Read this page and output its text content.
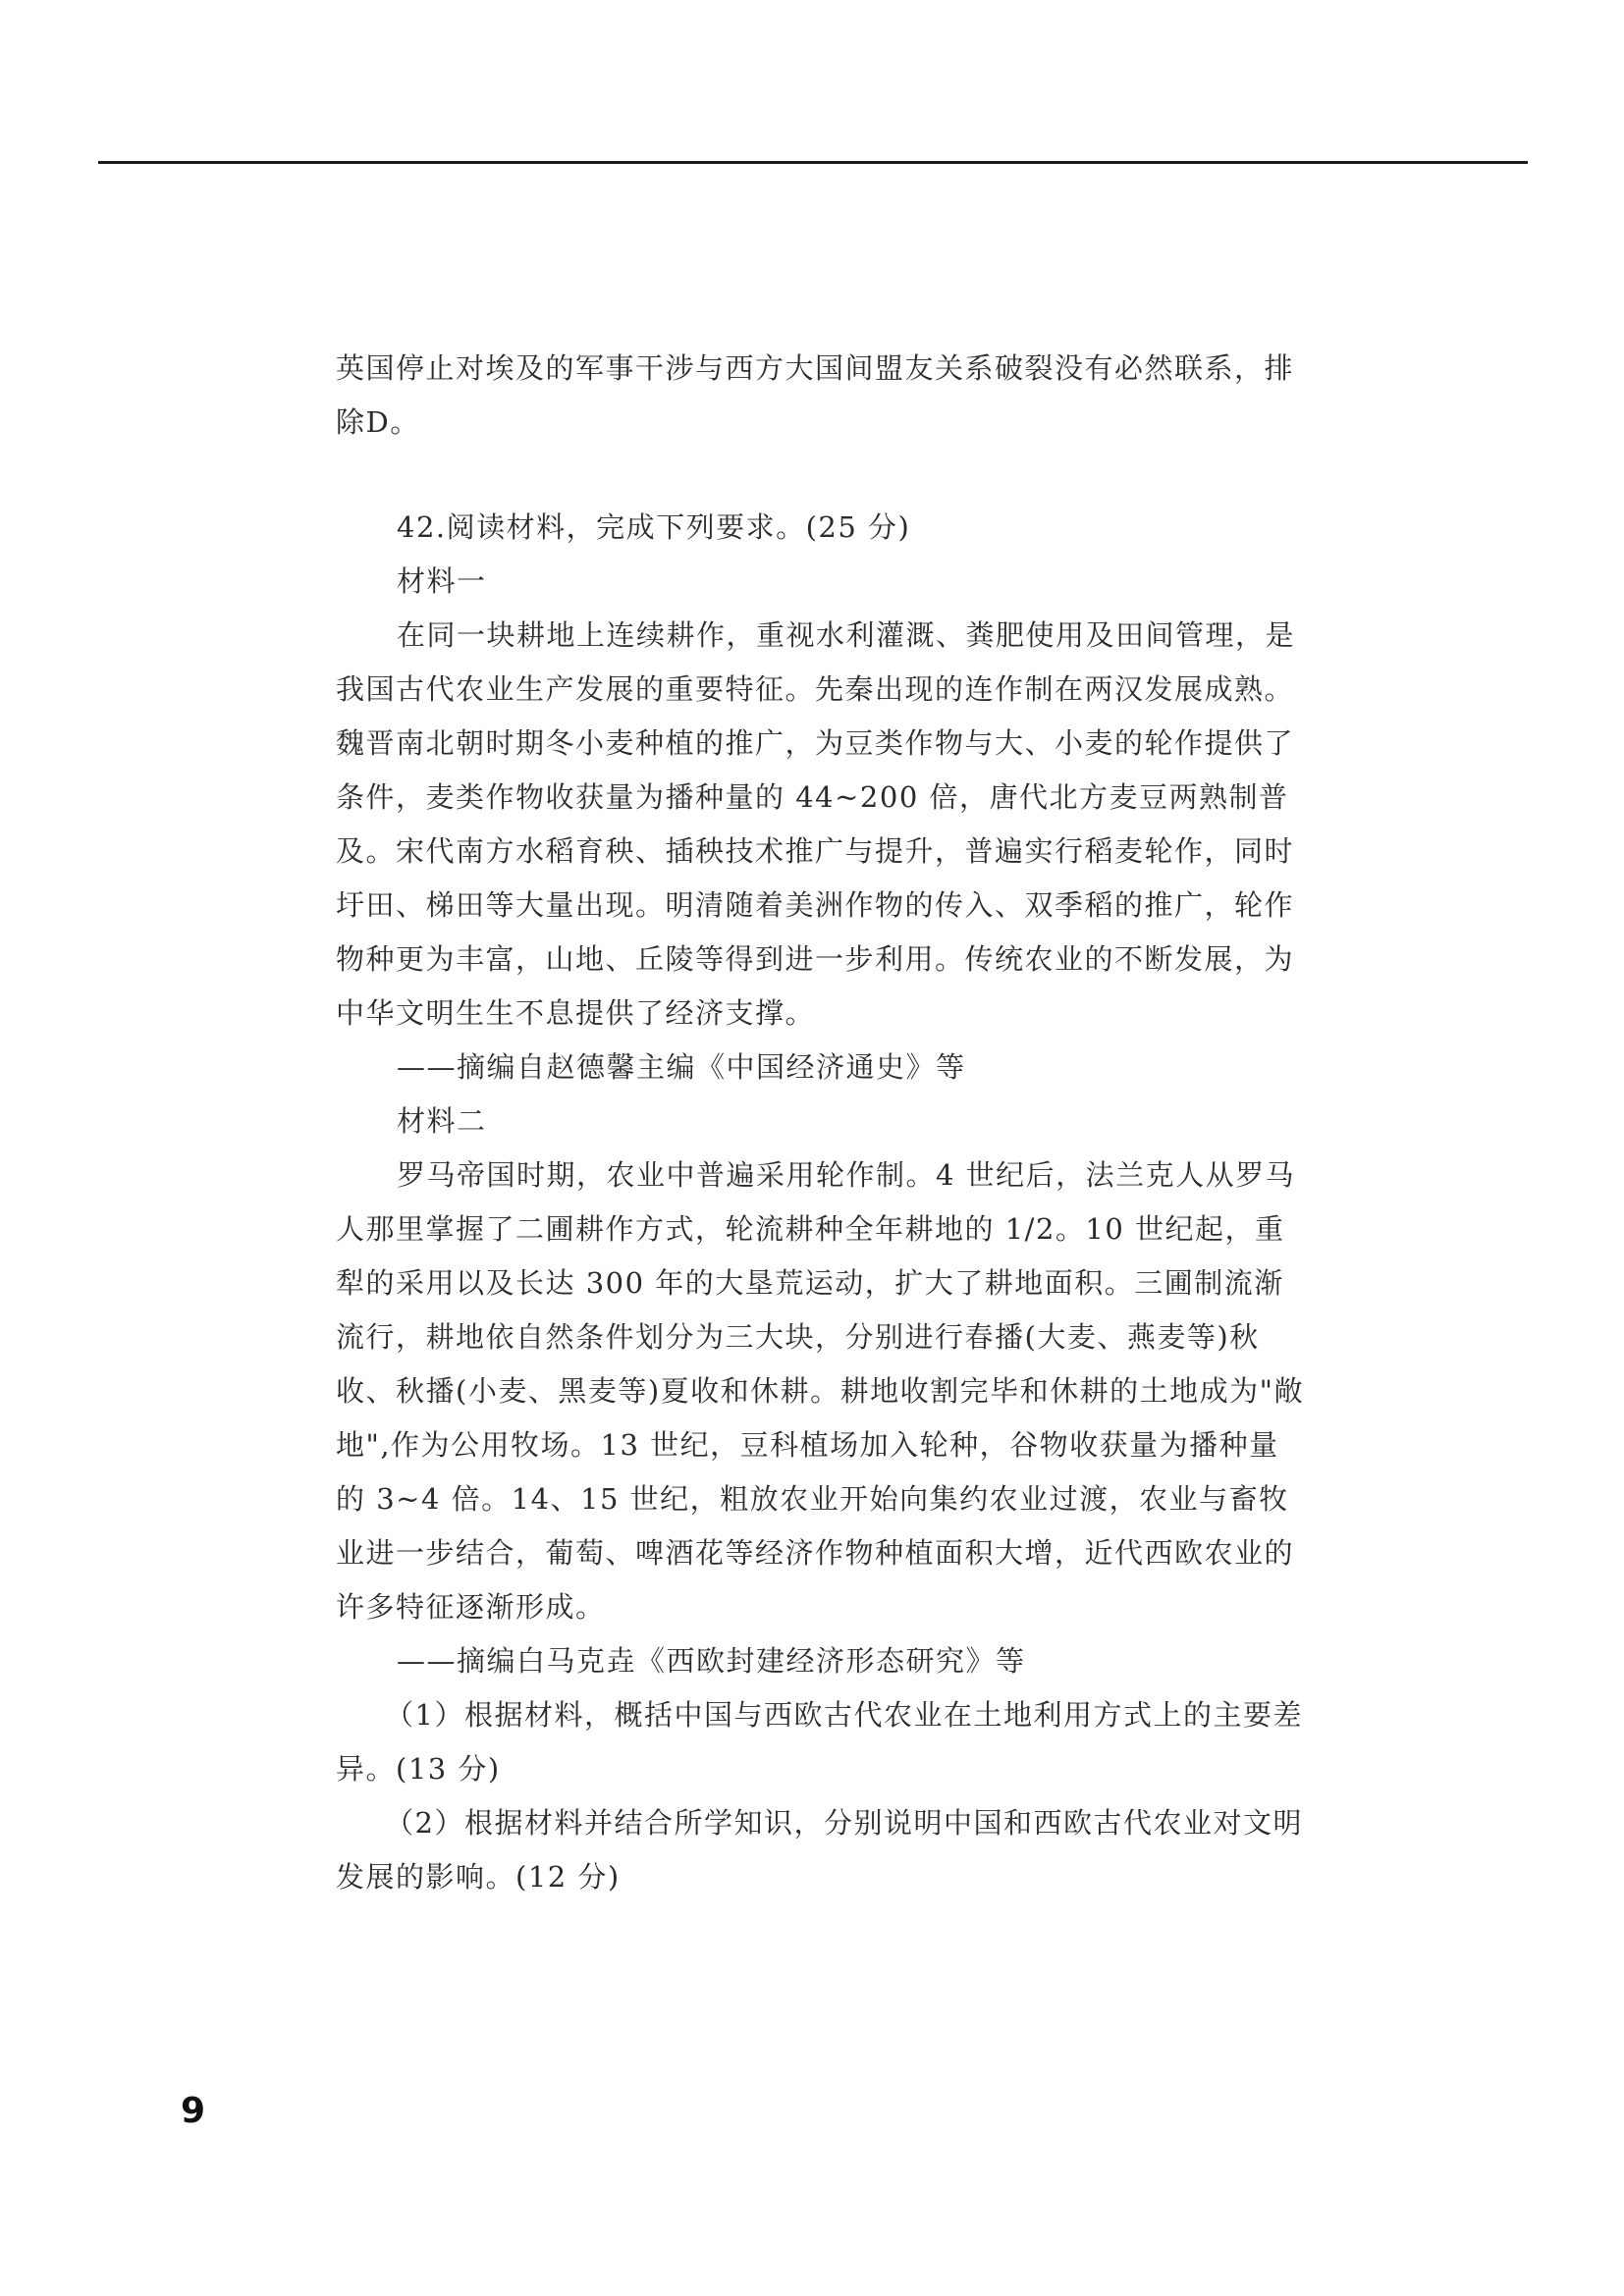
英国停止对埃及的军事干涉与西方大国间盟友关系破裂没有必然联系，排除D。

42.阅读材料，完成下列要求。(25 分)

材料一

在同一块耕地上连续耕作，重视水利灌溉、粪肥使用及田间管理，是我国古代农业生产发展的重要特征。先秦出现的连作制在两汉发展成熟。魏晋南北朝时期冬小麦种植的推广，为豆类作物与大、小麦的轮作提供了条件，麦类作物收获量为播种量的 44~200 倍，唐代北方麦豆两熟制普及。宋代南方水稻育秧、插秧技术推广与提升，普遍实行稻麦轮作，同时圩田、梯田等大量出现。明清随着美洲作物的传入、双季稻的推广，轮作物种更为丰富，山地、丘陵等得到进一步利用。传统农业的不断发展，为中华文明生生不息提供了经济支撑。

——摘编自赵德馨主编《中国经济通史》等

材料二

罗马帝国时期，农业中普遍采用轮作制。4 世纪后，法兰克人从罗马人那里掌握了二圃耕作方式，轮流耕种全年耕地的 1/2。10 世纪起，重犁的采用以及长达 300 年的大垦荒运动，扩大了耕地面积。三圃制流渐流行，耕地依自然条件划分为三大块，分别进行春播(大麦、燕麦等)秋收、秋播(小麦、黑麦等)夏收和休耕。耕地收割完毕和休耕的土地成为"敞地",作为公用牧场。13 世纪，豆科植场加入轮种，谷物收获量为播种量的 3~4 倍。14、15 世纪，粗放农业开始向集约农业过渡，农业与畜牧业进一步结合，葡萄、啤酒花等经济作物种植面积大增，近代西欧农业的许多特征逐渐形成。

——摘编白马克垚《西欧封建经济形态研究》等

（1）根据材料，概括中国与西欧古代农业在土地利用方式上的主要差异。(13 分)

（2）根据材料并结合所学知识，分别说明中国和西欧古代农业对文明发展的影响。(12 分)

9
